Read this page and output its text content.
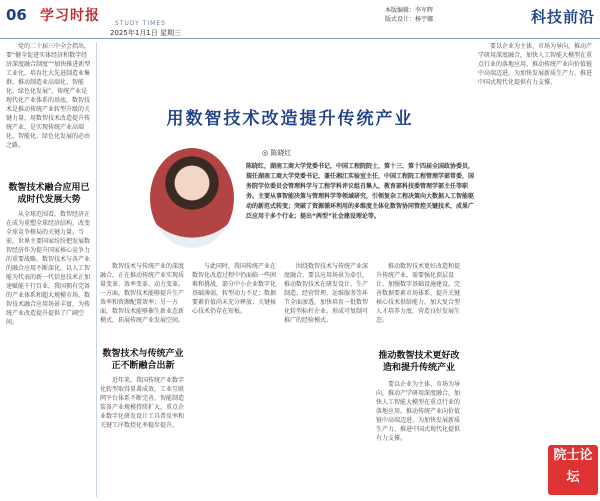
06 学习时报	STUDY TIMES
2025年1月1日 星期三
本版编辑：李军辉
版式设计：杨宇娜	科技前沿

党的二十届三中全会指出，要“健全促进实体经济和数字经济深度融合制度”“加快推进新型工业化，培育壮大先进制造业集群，推动制造业高端化、智能化、绿色化发展”。传统产业是现代化产业体系的基底，数智技术是推动传统产业转型升级的关键力量，用数智技术改造提升传统产业，是实现传统产业高端化、智能化、绿色化发展的必由之路。

数智技术融合应用已成时代发展大势

从全球范围看，数智经济正在成为重塑全球经济结构、改变全球竞争格局的关键力量。当前，世界主要国家纷纷把发展数智经济作为提升国家核心竞争力的重要战略，数智技术与各产业的融合应用不断深化，以人工智能为代表的新一代信息技术正加速赋能千行百业。我国拥有完备的产业体系和超大规模市场，数智技术融合应用场景丰富，为传统产业改造提升提供了广阔空间。

用数智技术改造提升传统产业
◎ 陈晓红
陈晓红，湖南工商大学党委书记，中国工程院院士，第十三、第十四届全国政协委员，现任湖南工商大学党委书记，兼任湘江实验室主任，中国工程院工程管理学部常委，国务院学位委员会管理科学与工程学科评议组召集人，教育部科技委管理学部主任等职务。主要从事智能决策与管理科学等领域研究，引领复杂工程决策向大数据人工智能驱动的新范式转变；突破了资源循环利用的多维度主体化数智协同管控关键技术，成果广泛应用于多个行业；提出“两型”社会建设理论等。

数智技术与传统产业的深度融合，正在推动传统产业实现质量变革、效率变革、动力变革。一方面，数智技术能够提升生产效率和资源配置效率；另一方面，数智技术能够催生新业态新模式，拓展传统产业发展空间。

数智技术与传统产业正不断融合出新

近年来，我国传统产业数字化转型取得显著成效，工业互联网平台体系不断完善，智能制造装备产业规模持续扩大，重点企业数字化研发设计工具普及率和关键工序数控化率稳步提升。

与此同时，我国传统产业在数智化改造过程中仍面临一些困难和挑战，部分中小企业数字化基础薄弱，转型动力不足；数据要素价值尚未充分释放；关键核心技术仍存在短板。

围绕数智技术与传统产业深度融合，要以应用场景为牵引，推动数智技术在研发设计、生产制造、经营管理、运维服务等环节全面渗透，加快培育一批数智化转型标杆企业，形成可复制可推广的经验模式。

推动数智技术更好改造和提升传统产业

推动数智技术更好改造和提升传统产业，需要强化顶层设计，加强数字基础设施建设，完善数据要素市场体系，提升关键核心技术供给能力，加大复合型人才培养力度，营造良好发展生态。

要以企业为主体、市场为导向，推动产学研用深度融合，加快人工智能大模型在重点行业的落地应用，推动传统产业向价值链中高端迈进，为加快发展新质生产力、推进中国式现代化提供有力支撑。

要以企业为主体、市场为导向，推动产学研用深度融合，加快人工智能大模型在重点行业的落地应用，推动传统产业向价值链中高端迈进，为加快发展新质生产力、推进中国式现代化提供有力支撑。

院士论坛
